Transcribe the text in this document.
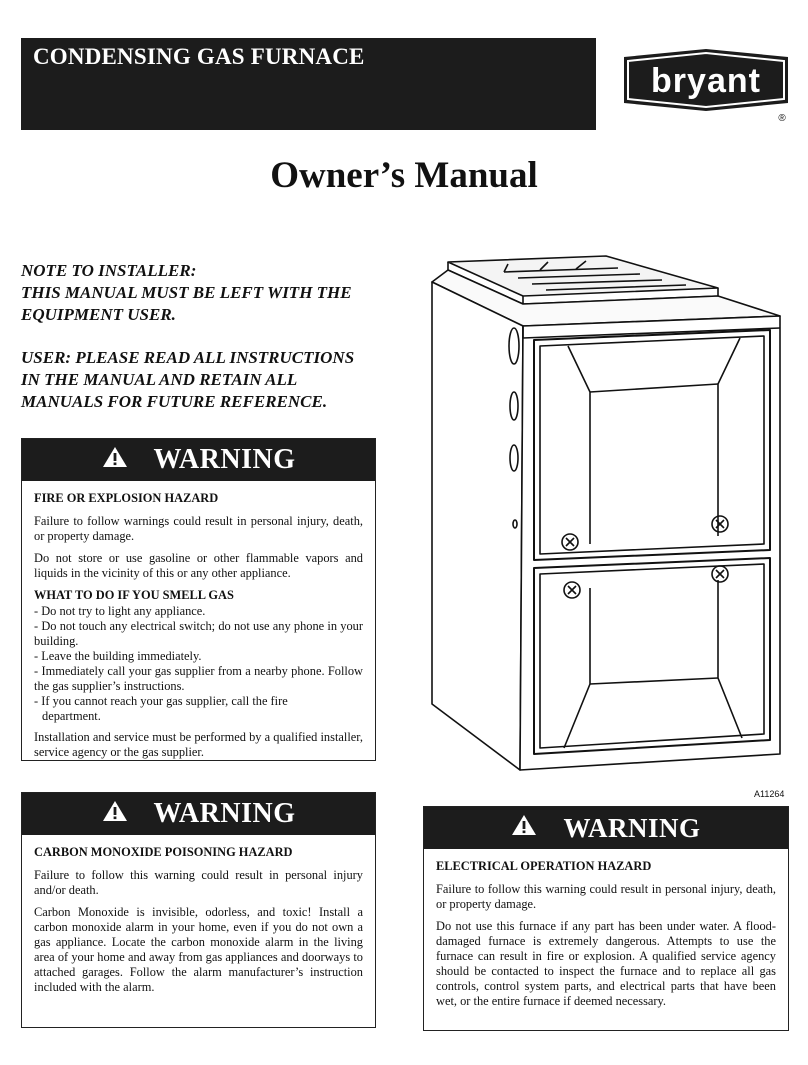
CONDENSING GAS FURNACE
bryant
®
Owner’s Manual
NOTE TO INSTALLER:
THIS MANUAL MUST BE LEFT WITH THE
EQUIPMENT USER.
USER: PLEASE READ ALL INSTRUCTIONS
IN THE MANUAL AND RETAIN ALL
MANUALS FOR FUTURE REFERENCE.
WARNING
FIRE OR EXPLOSION HAZARD

Failure to follow warnings could result in personal injury, death, or property damage.

Do not store or use gasoline or other flammable vapors and liquids in the vicinity of this or any other appliance.

WHAT TO DO IF YOU SMELL GAS
- Do not try to light any appliance.
- Do not touch any electrical switch; do not use any phone in your building.
- Leave the building immediately.
- Immediately call your gas supplier from a nearby phone. Follow the gas supplier’s instructions.
- If you cannot reach your gas supplier, call the fire
department.

Installation and service must be performed by a qualified installer, service agency or the gas supplier.

WARNING
CARBON MONOXIDE POISONING HAZARD

Failure to follow this warning could result in personal injury and/or death.

Carbon Monoxide is invisible, odorless, and toxic! Install a carbon monoxide alarm in your home, even if you do not own a gas appliance. Locate the carbon monoxide alarm in the living area of your home and away from gas appliances and doorways to attached garages. Follow the alarm manufacturer’s instruction included with the alarm.

WARNING
ELECTRICAL OPERATION HAZARD

Failure to follow this warning could result in personal injury, death, or property damage.

Do not use this furnace if any part has been under water. A flood-damaged furnace is extremely dangerous. Attempts to use the furnace can result in fire or explosion. A qualified service agency should be contacted to inspect the furnace and to replace all gas controls, control system parts, and electrical parts that have been wet, or the entire furnace if deemed necessary.

A11264
